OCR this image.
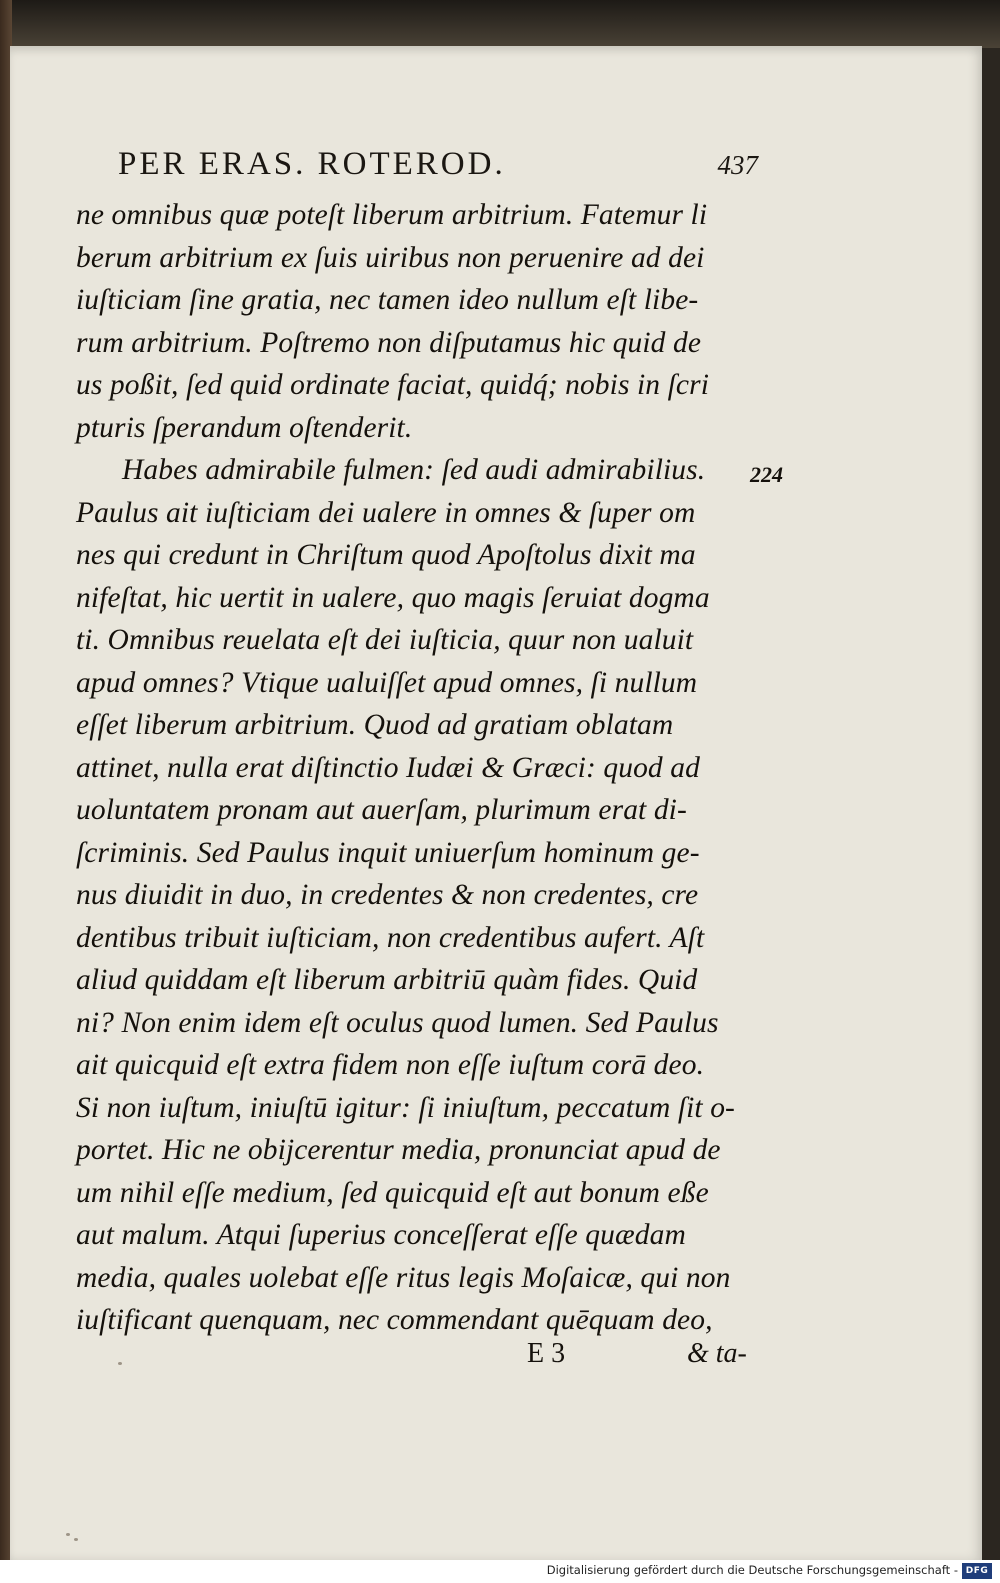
PER ERAS. ROTEROD.	437
ne omnibus quæ poteſt liberum arbitrium. Fatemur li
berum arbitrium ex ſuis uiribus non peruenire ad dei
iuſticiam ſine gratia, nec tamen ideo nullum eſt libe-
rum arbitrium. Poſtremo non diſputamus hic quid de
us poßit, ſed quid ordinate faciat, quidq́; nobis in ſcri
pturis ſperandum oſtenderit.
Habes admirabile fulmen: ſed audi admirabilius.
Paulus ait iuſticiam dei ualere in omnes & ſuper om
nes qui credunt in Chriſtum quod Apoſtolus dixit ma
nifeſtat, hic uertit in ualere, quo magis ſeruiat dogma
ti. Omnibus reuelata eſt dei iuſticia, quur non ualuit
apud omnes? Vtique ualuiſſet apud omnes, ſi nullum
eſſet liberum arbitrium. Quod ad gratiam oblatam
attinet, nulla erat diſtinctio Iudæi & Græci: quod ad
uoluntatem pronam aut auerſam, plurimum erat di-
ſcriminis. Sed Paulus inquit uniuerſum hominum ge-
nus diuidit in duo, in credentes & non credentes, cre
dentibus tribuit iuſticiam, non credentibus aufert. Aſt
aliud quiddam eſt liberum arbitriū quàm fides. Quid
ni? Non enim idem eſt oculus quod lumen. Sed Paulus
ait quicquid eſt extra fidem non eſſe iuſtum corā deo.
Si non iuſtum, iniuſtū igitur: ſi iniuſtum, peccatum ſit o-
portet. Hic ne obijcerentur media, pronunciat apud de
um nihil eſſe medium, ſed quicquid eſt aut bonum eße
aut malum. Atqui ſuperius conceſſerat eſſe quædam
media, quales uolebat eſſe ritus legis Moſaicæ, qui non
iuſtificant quenquam, nec commendant quēquam deo,
224
E 3	& ta-
Digitalisierung gefördert durch die Deutsche Forschungsgemeinschaft - DFG
